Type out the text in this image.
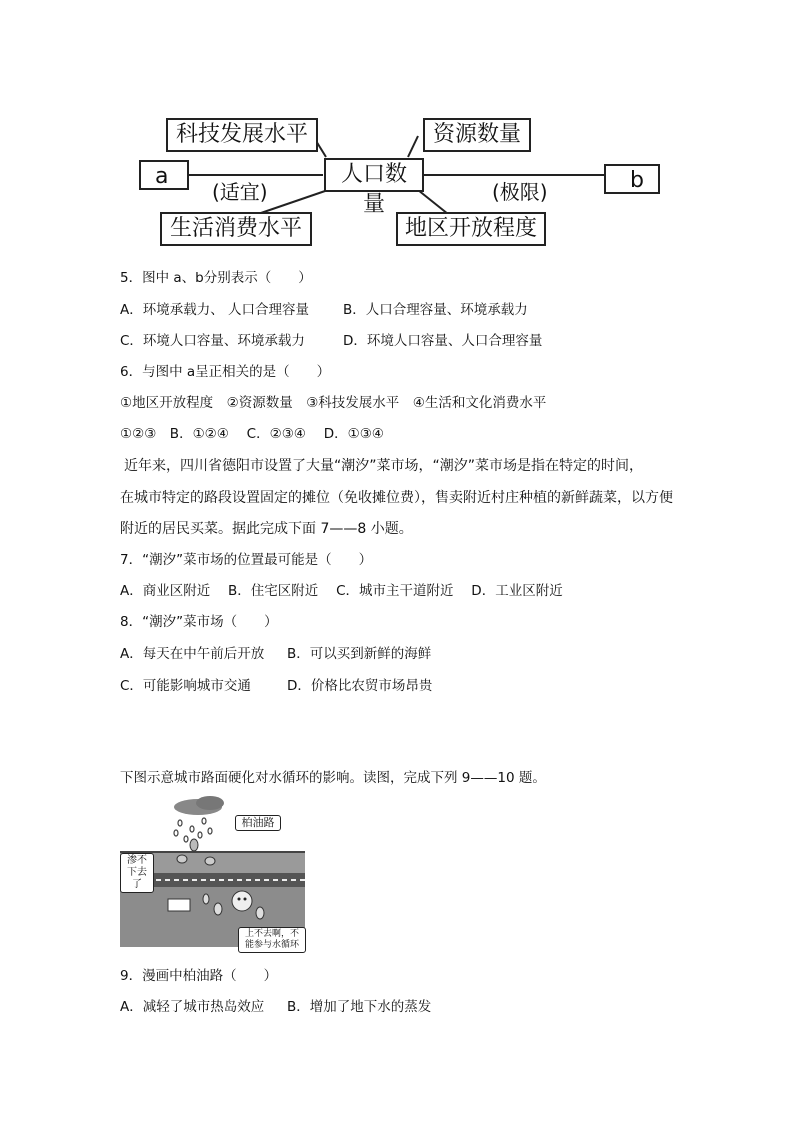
科技发展水平	资源数量
人口数量
a	b
生活消费水平	地区开放程度
(适宜)	(极限)
5．图中 a、b分别表示（　　）
A．环境承载力、 人口合理容量	B．人口合理容量、环境承载力
C．环境人口容量、环境承载力	D．环境人口容量、人口合理容量
6．与图中 a呈正相关的是（　　）
①地区开放程度　②资源数量　③科技发展水平　④生活和文化消费水平
①②③　B．①②④　 C．②③④　 D．①③④
近年来，四川省德阳市设置了大量“潮汐”菜市场，“潮汐”菜市场是指在特定的时间，
在城市特定的路段设置固定的摊位（免收摊位费），售卖附近村庄种植的新鲜蔬菜，以方便
附近的居民买菜。据此完成下面 7——8 小题。
7．“潮汐”菜市场的位置最可能是（　　）
A．商业区附近　 B．住宅区附近　 C．城市主干道附近　 D．工业区附近
8．“潮汐”菜市场（　　）
A．每天在中午前后开放 B．可以买到新鲜的海鲜
C．可能影响城市交通	D．价格比农贸市场昂贵
下图示意城市路面硬化对水循环的影响。读图，完成下列 9——10 题。
柏油路
渗不下去了
上不去啊，不能参与水循环
9．漫画中柏油路（　　）
A．减轻了城市热岛效应 B．增加了地下水的蒸发
